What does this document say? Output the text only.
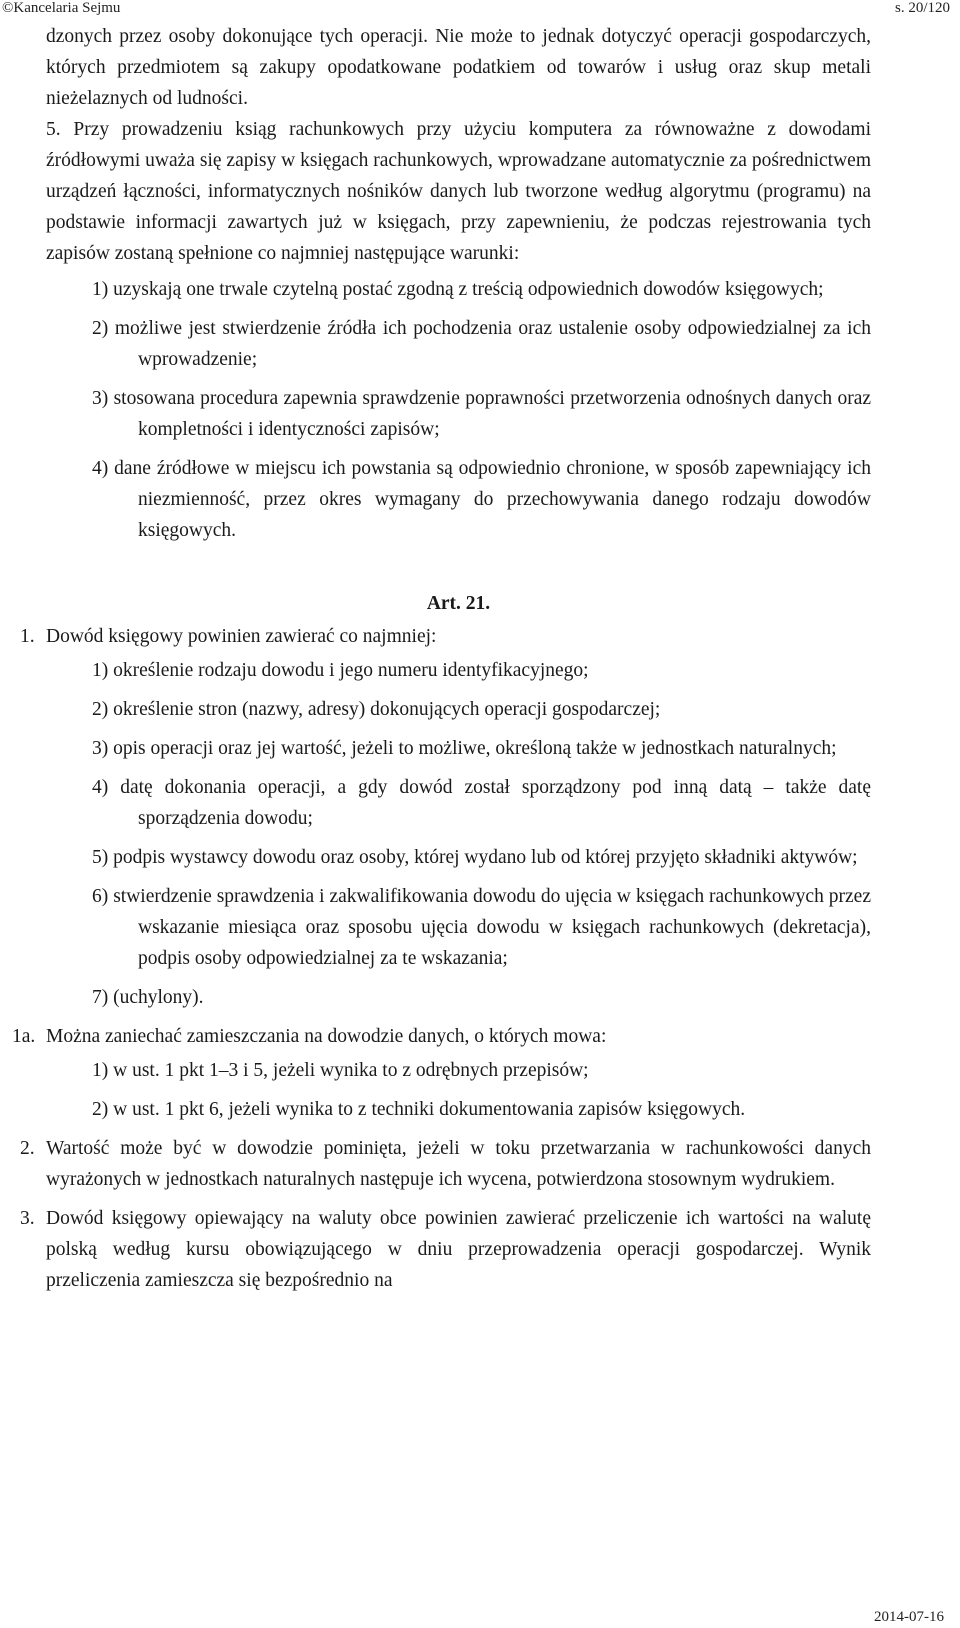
©Kancelaria Sejmu	s. 20/120

dzonych przez osoby dokonujące tych operacji. Nie może to jednak dotyczyć operacji gospodarczych, których przedmiotem są zakupy opodatkowane podatkiem od towarów i usług oraz skup metali nieżelaznych od ludności.

5. Przy prowadzeniu ksiąg rachunkowych przy użyciu komputera za równoważne z dowodami źródłowymi uważa się zapisy w księgach rachunkowych, wprowadzane automatycznie za pośrednictwem urządzeń łączności, informatycznych nośników danych lub tworzone według algorytmu (programu) na podstawie informacji zawartych już w księgach, przy zapewnieniu, że podczas rejestrowania tych zapisów zostaną spełnione co najmniej następujące warunki:

1) uzyskają one trwale czytelną postać zgodną z treścią odpowiednich dowodów księgowych;

2) możliwe jest stwierdzenie źródła ich pochodzenia oraz ustalenie osoby odpowiedzialnej za ich wprowadzenie;

3) stosowana procedura zapewnia sprawdzenie poprawności przetworzenia odnośnych danych oraz kompletności i identyczności zapisów;

4) dane źródłowe w miejscu ich powstania są odpowiednio chronione, w sposób zapewniający ich niezmienność, przez okres wymagany do przechowywania danego rodzaju dowodów księgowych.

Art. 21.

1. Dowód księgowy powinien zawierać co najmniej:

1) określenie rodzaju dowodu i jego numeru identyfikacyjnego;

2) określenie stron (nazwy, adresy) dokonujących operacji gospodarczej;

3) opis operacji oraz jej wartość, jeżeli to możliwe, określoną także w jednostkach naturalnych;

4) datę dokonania operacji, a gdy dowód został sporządzony pod inną datą – także datę sporządzenia dowodu;

5) podpis wystawcy dowodu oraz osoby, której wydano lub od której przyjęto składniki aktywów;

6) stwierdzenie sprawdzenia i zakwalifikowania dowodu do ujęcia w księgach rachunkowych przez wskazanie miesiąca oraz sposobu ujęcia dowodu w księgach rachunkowych (dekretacja), podpis osoby odpowiedzialnej za te wskazania;

7) (uchylony).

1a. Można zaniechać zamieszczania na dowodzie danych, o których mowa:

1) w ust. 1 pkt 1–3 i 5, jeżeli wynika to z odrębnych przepisów;

2) w ust. 1 pkt 6, jeżeli wynika to z techniki dokumentowania zapisów księgowych.

2. Wartość może być w dowodzie pominięta, jeżeli w toku przetwarzania w rachunkowości danych wyrażonych w jednostkach naturalnych następuje ich wycena, potwierdzona stosownym wydrukiem.
3. Dowód księgowy opiewający na waluty obce powinien zawierać przeliczenie ich wartości na walutę polską według kursu obowiązującego w dniu przeprowadzenia operacji gospodarczej. Wynik przeliczenia zamieszcza się bezpośrednio na
2014-07-16
